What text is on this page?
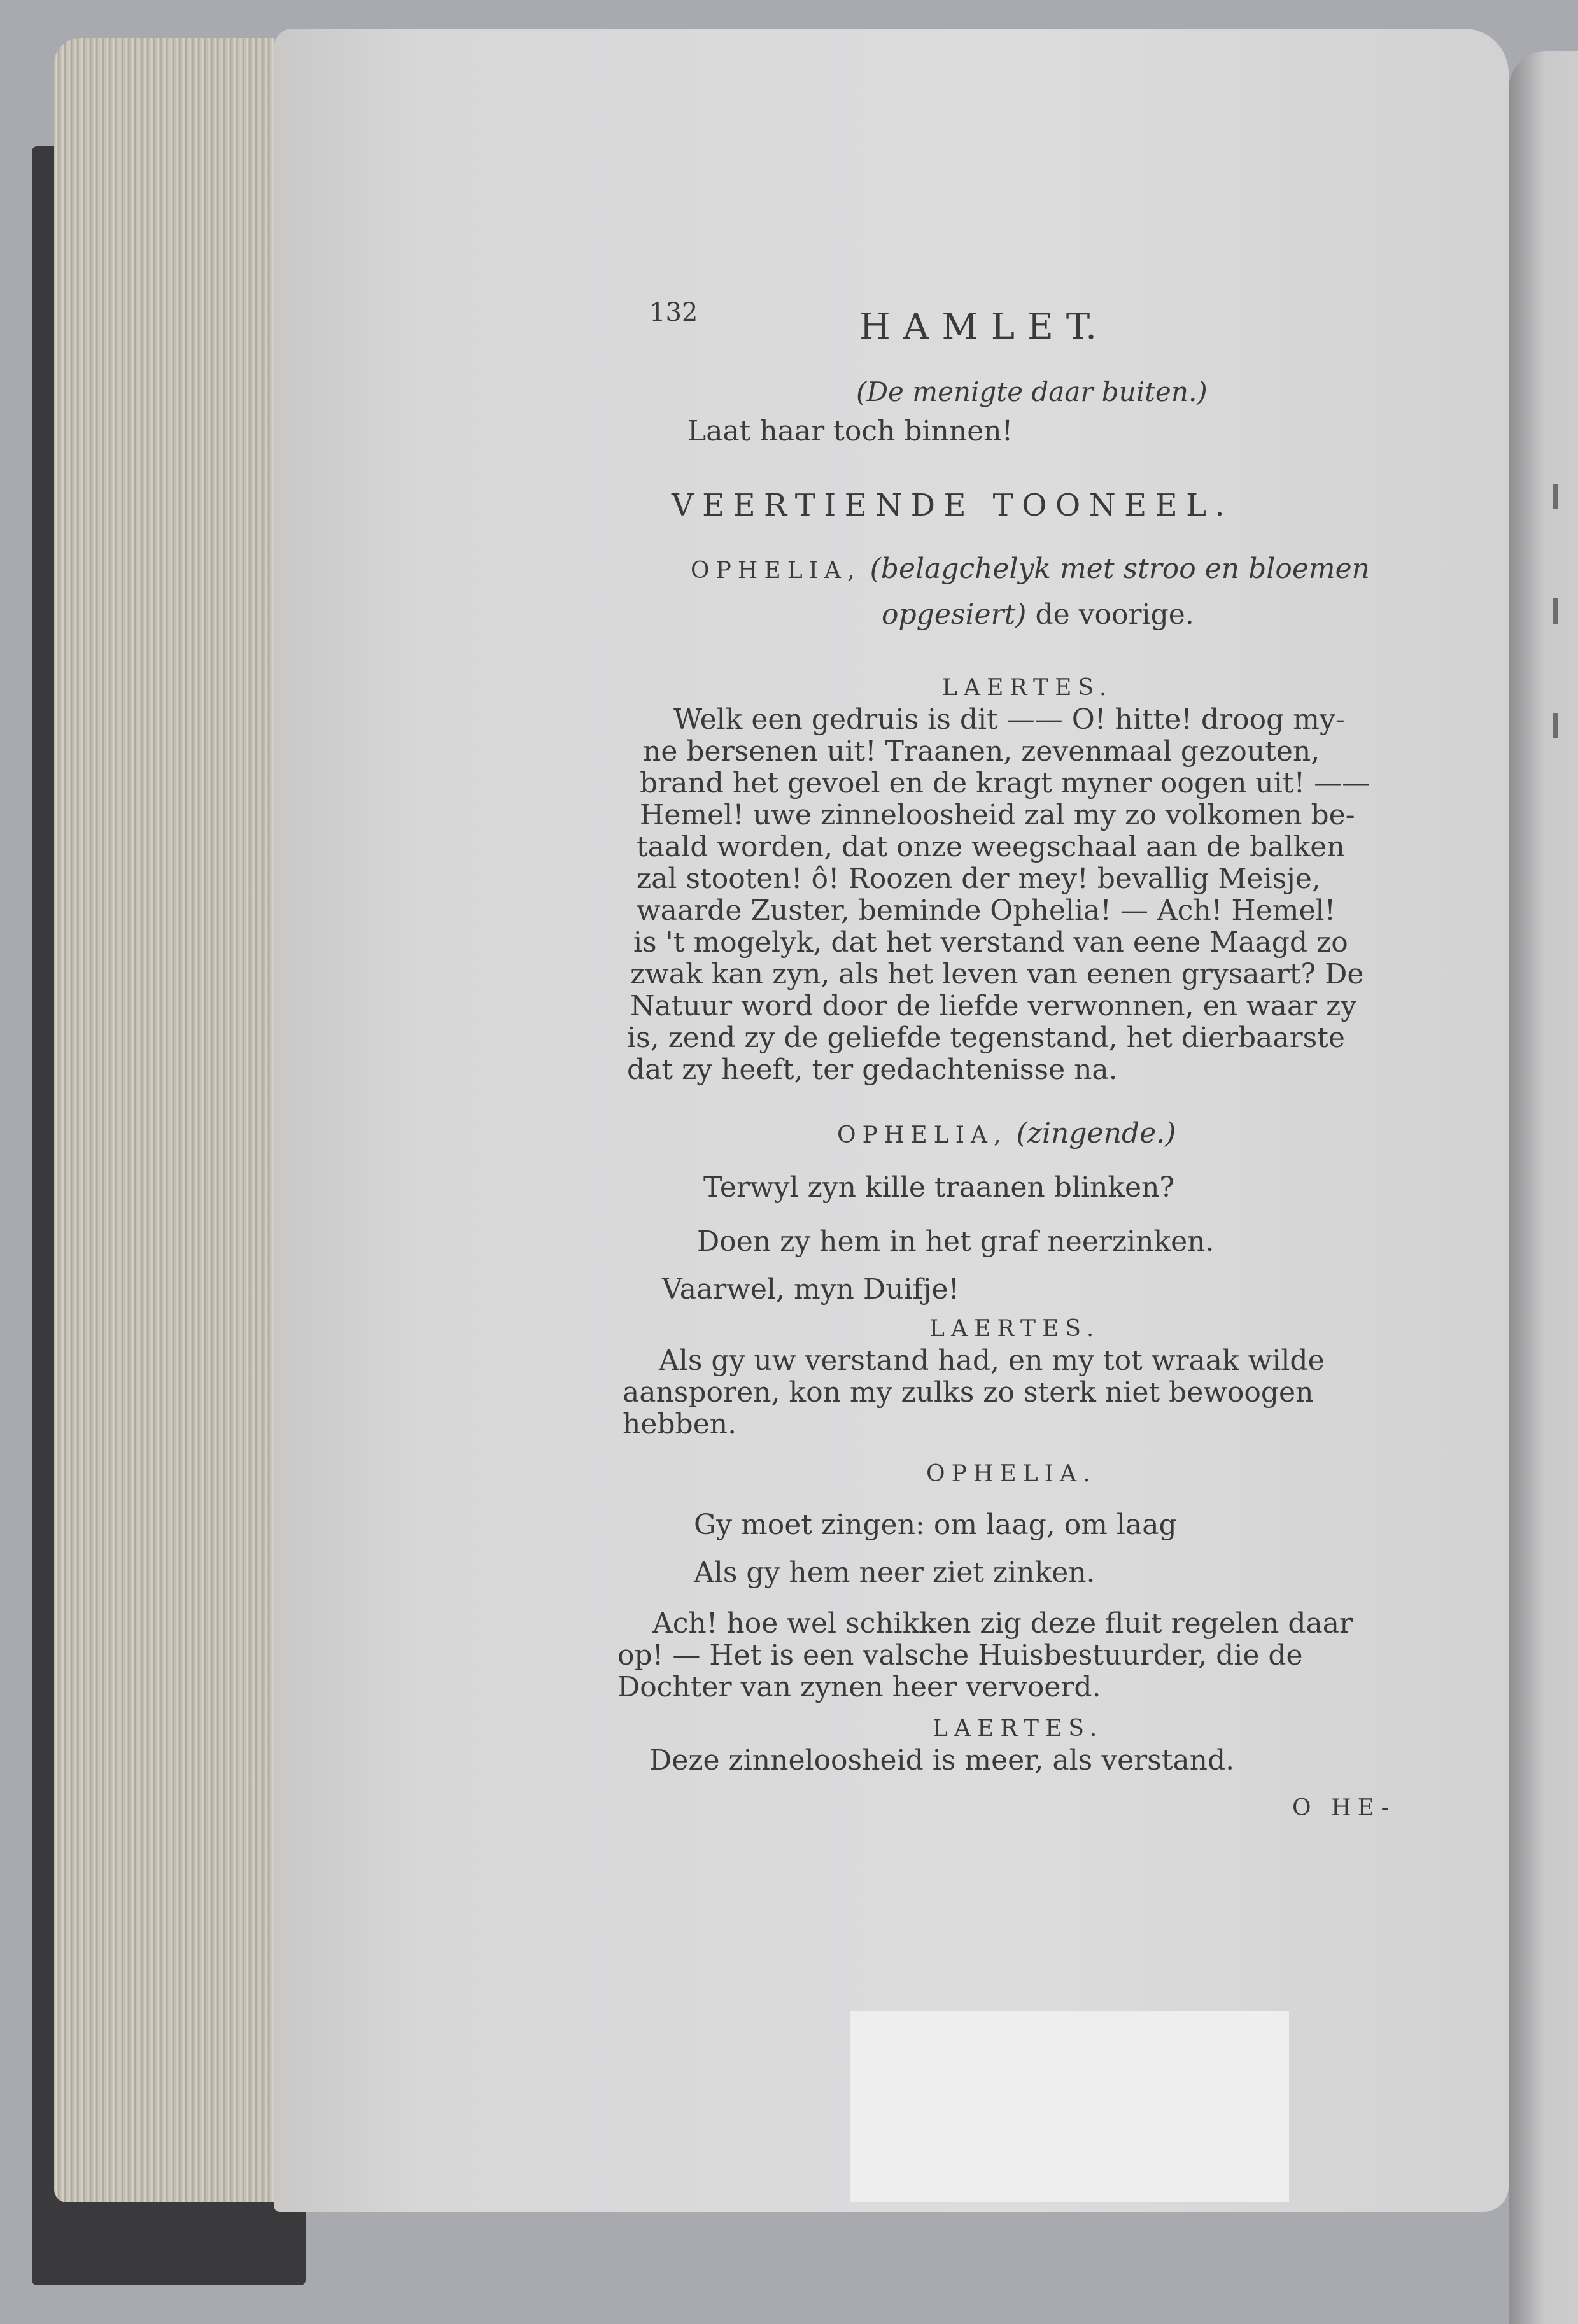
132	H A M L E T.
(De menigte daar buiten.)
Laat haar toch binnen!
VEERTIENDE TOONEEL.
OPHELIA, (belagchelyk met stroo en bloemen
opgesiert) de voorige.
LAERTES.
Welk een gedruis is dit —— O! hitte! droog my-
ne bersenen uit! Traanen, zevenmaal gezouten,
brand het gevoel en de kragt myner oogen uit! ——
Hemel! uwe zinneloosheid zal my zo volkomen be-
taald worden, dat onze weegschaal aan de balken
zal stooten! ô! Roozen der mey! bevallig Meisje,
waarde Zuster, beminde Ophelia! — Ach! Hemel!
is 't mogelyk, dat het verstand van eene Maagd zo
zwak kan zyn, als het leven van eenen grysaart? De
Natuur word door de liefde verwonnen, en waar zy
is, zend zy de geliefde tegenstand, het dierbaarste
dat zy heeft, ter gedachtenisse na.
OPHELIA, (zingende.)
Terwyl zyn kille traanen blinken?
Doen zy hem in het graf neerzinken.
Vaarwel, myn Duifje!
LAERTES.
Als gy uw verstand had, en my tot wraak wilde
aansporen, kon my zulks zo sterk niet bewoogen
hebben.
OPHELIA.
Gy moet zingen: om laag, om laag
Als gy hem neer ziet zinken.
Ach! hoe wel schikken zig deze fluit regelen daar
op! — Het is een valsche Huisbestuurder, die de
Dochter van zynen heer vervoerd.
LAERTES.
Deze zinneloosheid is meer, als verstand.
O HE-
